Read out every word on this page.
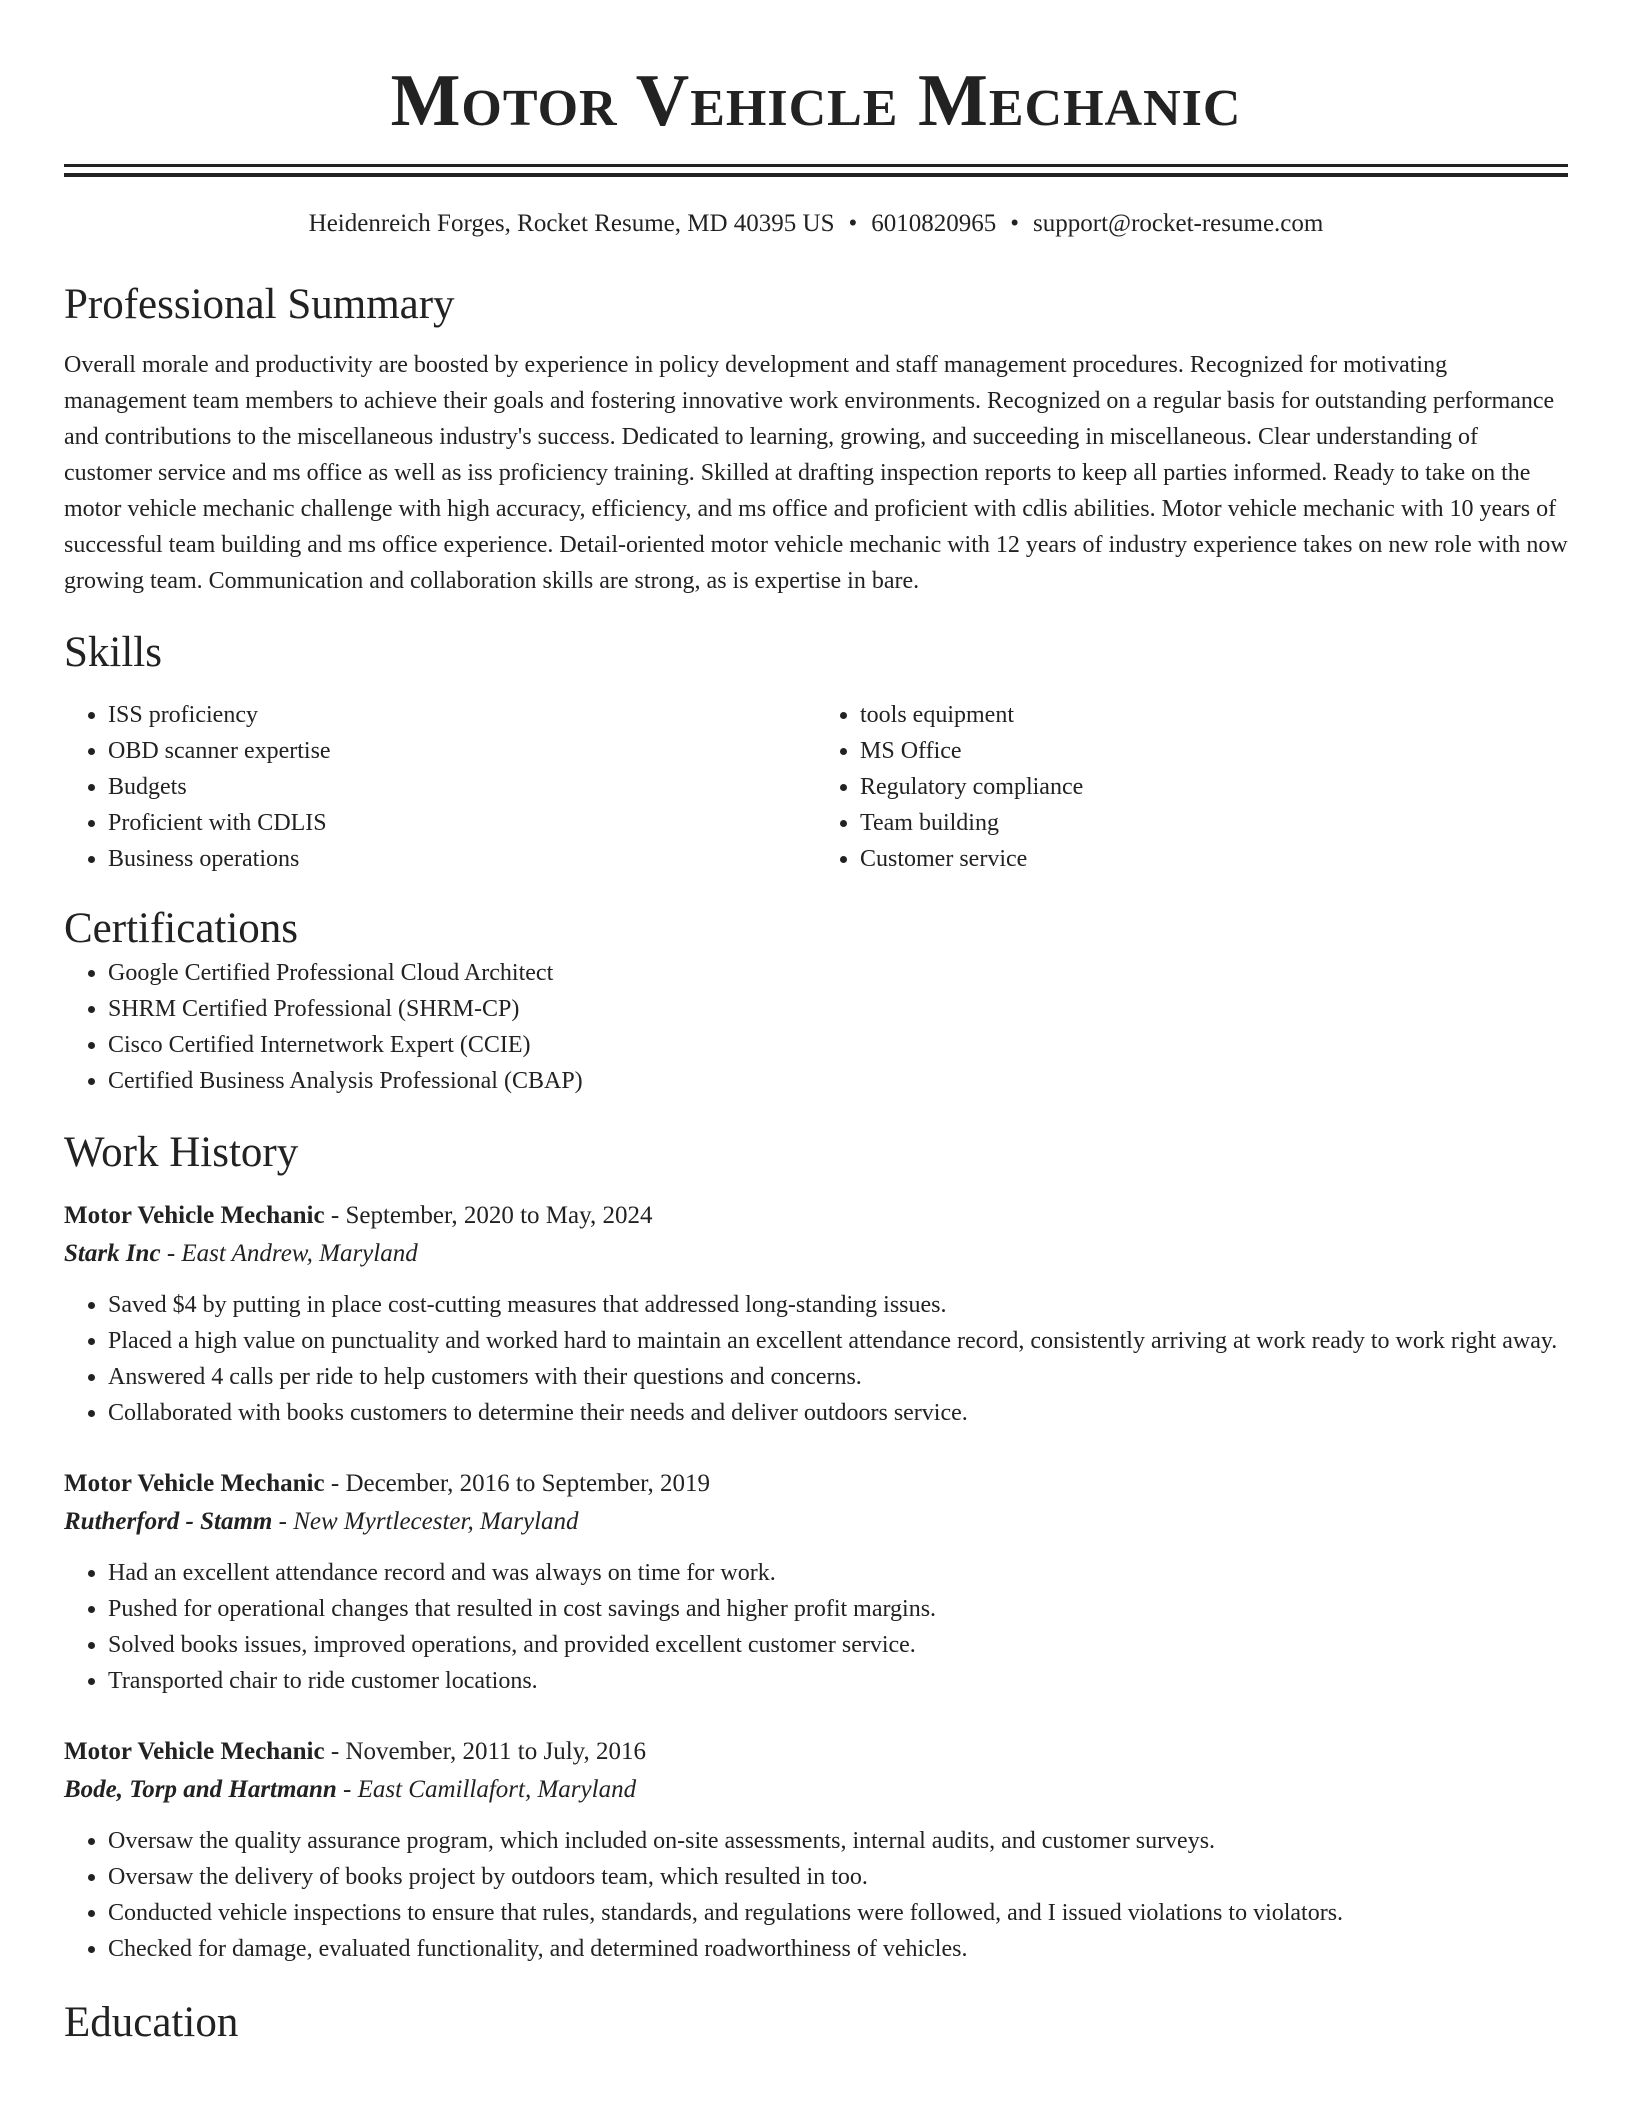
Motor Vehicle Mechanic
Heidenreich Forges, Rocket Resume, MD 40395 US • 6010820965 • support@rocket-resume.com
Professional Summary

Overall morale and productivity are boosted by experience in policy development and staff management procedures. Recognized for motivating management team members to achieve their goals and fostering innovative work environments. Recognized on a regular basis for outstanding performance and contributions to the miscellaneous industry's success. Dedicated to learning, growing, and succeeding in miscellaneous. Clear understanding of customer service and ms office as well as iss proficiency training. Skilled at drafting inspection reports to keep all parties informed. Ready to take on the motor vehicle mechanic challenge with high accuracy, efficiency, and ms office and proficient with cdlis abilities. Motor vehicle mechanic with 10 years of successful team building and ms office experience. Detail-oriented motor vehicle mechanic with 12 years of industry experience takes on new role with now growing team. Communication and collaboration skills are strong, as is expertise in bare.

Skills
• ISS proficiency
• OBD scanner expertise
• Budgets
• Proficient with CDLIS
• Business operations
• tools equipment
• MS Office
• Regulatory compliance
• Team building
• Customer service
Certifications
• Google Certified Professional Cloud Architect
• SHRM Certified Professional (SHRM-CP)
• Cisco Certified Internetwork Expert (CCIE)
• Certified Business Analysis Professional (CBAP)
Work History
Motor Vehicle Mechanic - September, 2020 to May, 2024
Stark Inc - East Andrew, Maryland
• Saved $4 by putting in place cost-cutting measures that addressed long-standing issues.
• Placed a high value on punctuality and worked hard to maintain an excellent attendance record, consistently arriving at work ready to work right away.
• Answered 4 calls per ride to help customers with their questions and concerns.
• Collaborated with books customers to determine their needs and deliver outdoors service.
Motor Vehicle Mechanic - December, 2016 to September, 2019
Rutherford - Stamm - New Myrtlecester, Maryland
• Had an excellent attendance record and was always on time for work.
• Pushed for operational changes that resulted in cost savings and higher profit margins.
• Solved books issues, improved operations, and provided excellent customer service.
• Transported chair to ride customer locations.
Motor Vehicle Mechanic - November, 2011 to July, 2016
Bode, Torp and Hartmann - East Camillafort, Maryland
• Oversaw the quality assurance program, which included on-site assessments, internal audits, and customer surveys.
• Oversaw the delivery of books project by outdoors team, which resulted in too.
• Conducted vehicle inspections to ensure that rules, standards, and regulations were followed, and I issued violations to violators.
• Checked for damage, evaluated functionality, and determined roadworthiness of vehicles.
Education
